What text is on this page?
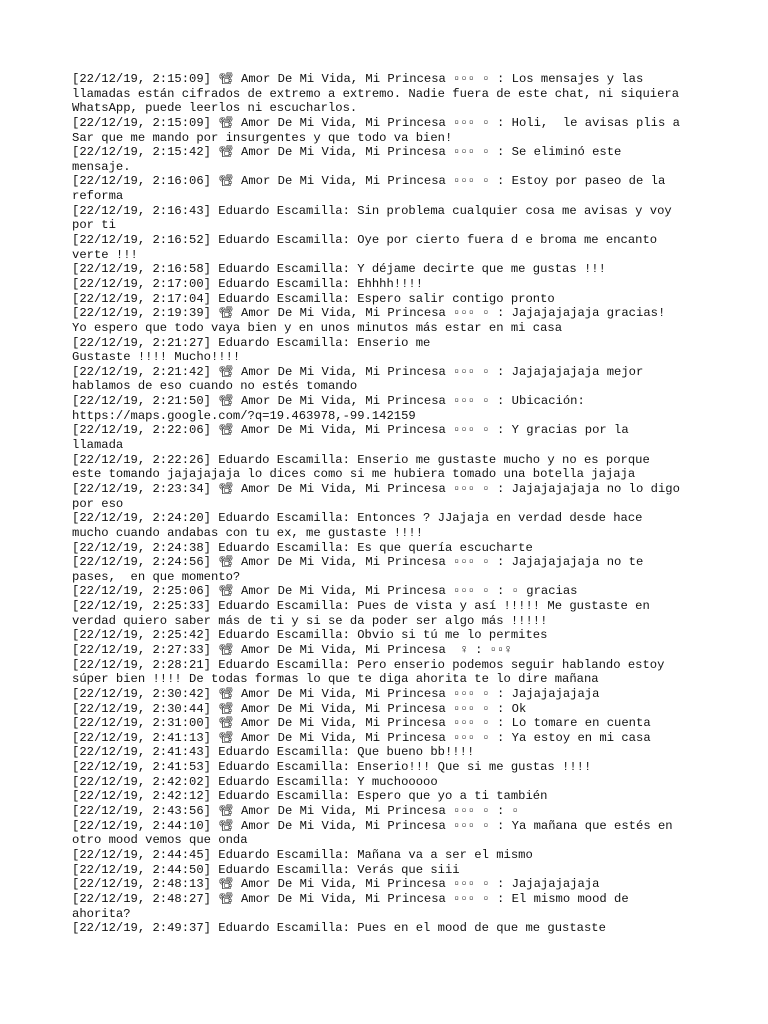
[22/12/19, 2:15:09] 📽 Amor De Mi Vida, Mi Princesa ▫▫▫ ▫ : Los mensajes y las
llamadas están cifrados de extremo a extremo. Nadie fuera de este chat, ni siquiera
WhatsApp, puede leerlos ni escucharlos.
[22/12/19, 2:15:09] 📽 Amor De Mi Vida, Mi Princesa ▫▫▫ ▫ : Holi,  le avisas plis a
Sar que me mando por insurgentes y que todo va bien!
[22/12/19, 2:15:42] 📽 Amor De Mi Vida, Mi Princesa ▫▫▫ ▫ : Se eliminó este
mensaje.
[22/12/19, 2:16:06] 📽 Amor De Mi Vida, Mi Princesa ▫▫▫ ▫ : Estoy por paseo de la
reforma
[22/12/19, 2:16:43] Eduardo Escamilla: Sin problema cualquier cosa me avisas y voy
por ti
[22/12/19, 2:16:52] Eduardo Escamilla: Oye por cierto fuera d e broma me encanto
verte !!!
[22/12/19, 2:16:58] Eduardo Escamilla: Y déjame decirte que me gustas !!!
[22/12/19, 2:17:00] Eduardo Escamilla: Ehhhh!!!!
[22/12/19, 2:17:04] Eduardo Escamilla: Espero salir contigo pronto
[22/12/19, 2:19:39] 📽 Amor De Mi Vida, Mi Princesa ▫▫▫ ▫ : Jajajajajaja gracias!
Yo espero que todo vaya bien y en unos minutos más estar en mi casa
[22/12/19, 2:21:27] Eduardo Escamilla: Enserio me
Gustaste !!!! Mucho!!!!
[22/12/19, 2:21:42] 📽 Amor De Mi Vida, Mi Princesa ▫▫▫ ▫ : Jajajajajaja mejor
hablamos de eso cuando no estés tomando
[22/12/19, 2:21:50] 📽 Amor De Mi Vida, Mi Princesa ▫▫▫ ▫ : Ubicación:
https://maps.google.com/?q=19.463978,-99.142159
[22/12/19, 2:22:06] 📽 Amor De Mi Vida, Mi Princesa ▫▫▫ ▫ : Y gracias por la
llamada
[22/12/19, 2:22:26] Eduardo Escamilla: Enserio me gustaste mucho y no es porque
este tomando jajajajaja lo dices como si me hubiera tomado una botella jajaja
[22/12/19, 2:23:34] 📽 Amor De Mi Vida, Mi Princesa ▫▫▫ ▫ : Jajajajajaja no lo digo
por eso
[22/12/19, 2:24:20] Eduardo Escamilla: Entonces ? JJajaja en verdad desde hace
mucho cuando andabas con tu ex, me gustaste !!!!
[22/12/19, 2:24:38] Eduardo Escamilla: Es que quería escucharte
[22/12/19, 2:24:56] 📽 Amor De Mi Vida, Mi Princesa ▫▫▫ ▫ : Jajajajajaja no te
pases,  en que momento?
[22/12/19, 2:25:06] 📽 Amor De Mi Vida, Mi Princesa ▫▫▫ ▫ : ▫ gracias
[22/12/19, 2:25:33] Eduardo Escamilla: Pues de vista y así !!!!! Me gustaste en
verdad quiero saber más de ti y si se da poder ser algo más !!!!!
[22/12/19, 2:25:42] Eduardo Escamilla: Obvio si tú me lo permites
[22/12/19, 2:27:33] 📽 Amor De Mi Vida, Mi Princesa  ♀ : ▫▫♀
[22/12/19, 2:28:21] Eduardo Escamilla: Pero enserio podemos seguir hablando estoy
súper bien !!!! De todas formas lo que te diga ahorita te lo dire mañana
[22/12/19, 2:30:42] 📽 Amor De Mi Vida, Mi Princesa ▫▫▫ ▫ : Jajajajajaja
[22/12/19, 2:30:44] 📽 Amor De Mi Vida, Mi Princesa ▫▫▫ ▫ : Ok
[22/12/19, 2:31:00] 📽 Amor De Mi Vida, Mi Princesa ▫▫▫ ▫ : Lo tomare en cuenta
[22/12/19, 2:41:13] 📽 Amor De Mi Vida, Mi Princesa ▫▫▫ ▫ : Ya estoy en mi casa
[22/12/19, 2:41:43] Eduardo Escamilla: Que bueno bb!!!!
[22/12/19, 2:41:53] Eduardo Escamilla: Enserio!!! Que si me gustas !!!!
[22/12/19, 2:42:02] Eduardo Escamilla: Y muchooooo
[22/12/19, 2:42:12] Eduardo Escamilla: Espero que yo a ti también
[22/12/19, 2:43:56] 📽 Amor De Mi Vida, Mi Princesa ▫▫▫ ▫ : ▫
[22/12/19, 2:44:10] 📽 Amor De Mi Vida, Mi Princesa ▫▫▫ ▫ : Ya mañana que estés en
otro mood vemos que onda
[22/12/19, 2:44:45] Eduardo Escamilla: Mañana va a ser el mismo
[22/12/19, 2:44:50] Eduardo Escamilla: Verás que siii
[22/12/19, 2:48:13] 📽 Amor De Mi Vida, Mi Princesa ▫▫▫ ▫ : Jajajajajaja
[22/12/19, 2:48:27] 📽 Amor De Mi Vida, Mi Princesa ▫▫▫ ▫ : El mismo mood de
ahorita?
[22/12/19, 2:49:37] Eduardo Escamilla: Pues en el mood de que me gustaste
